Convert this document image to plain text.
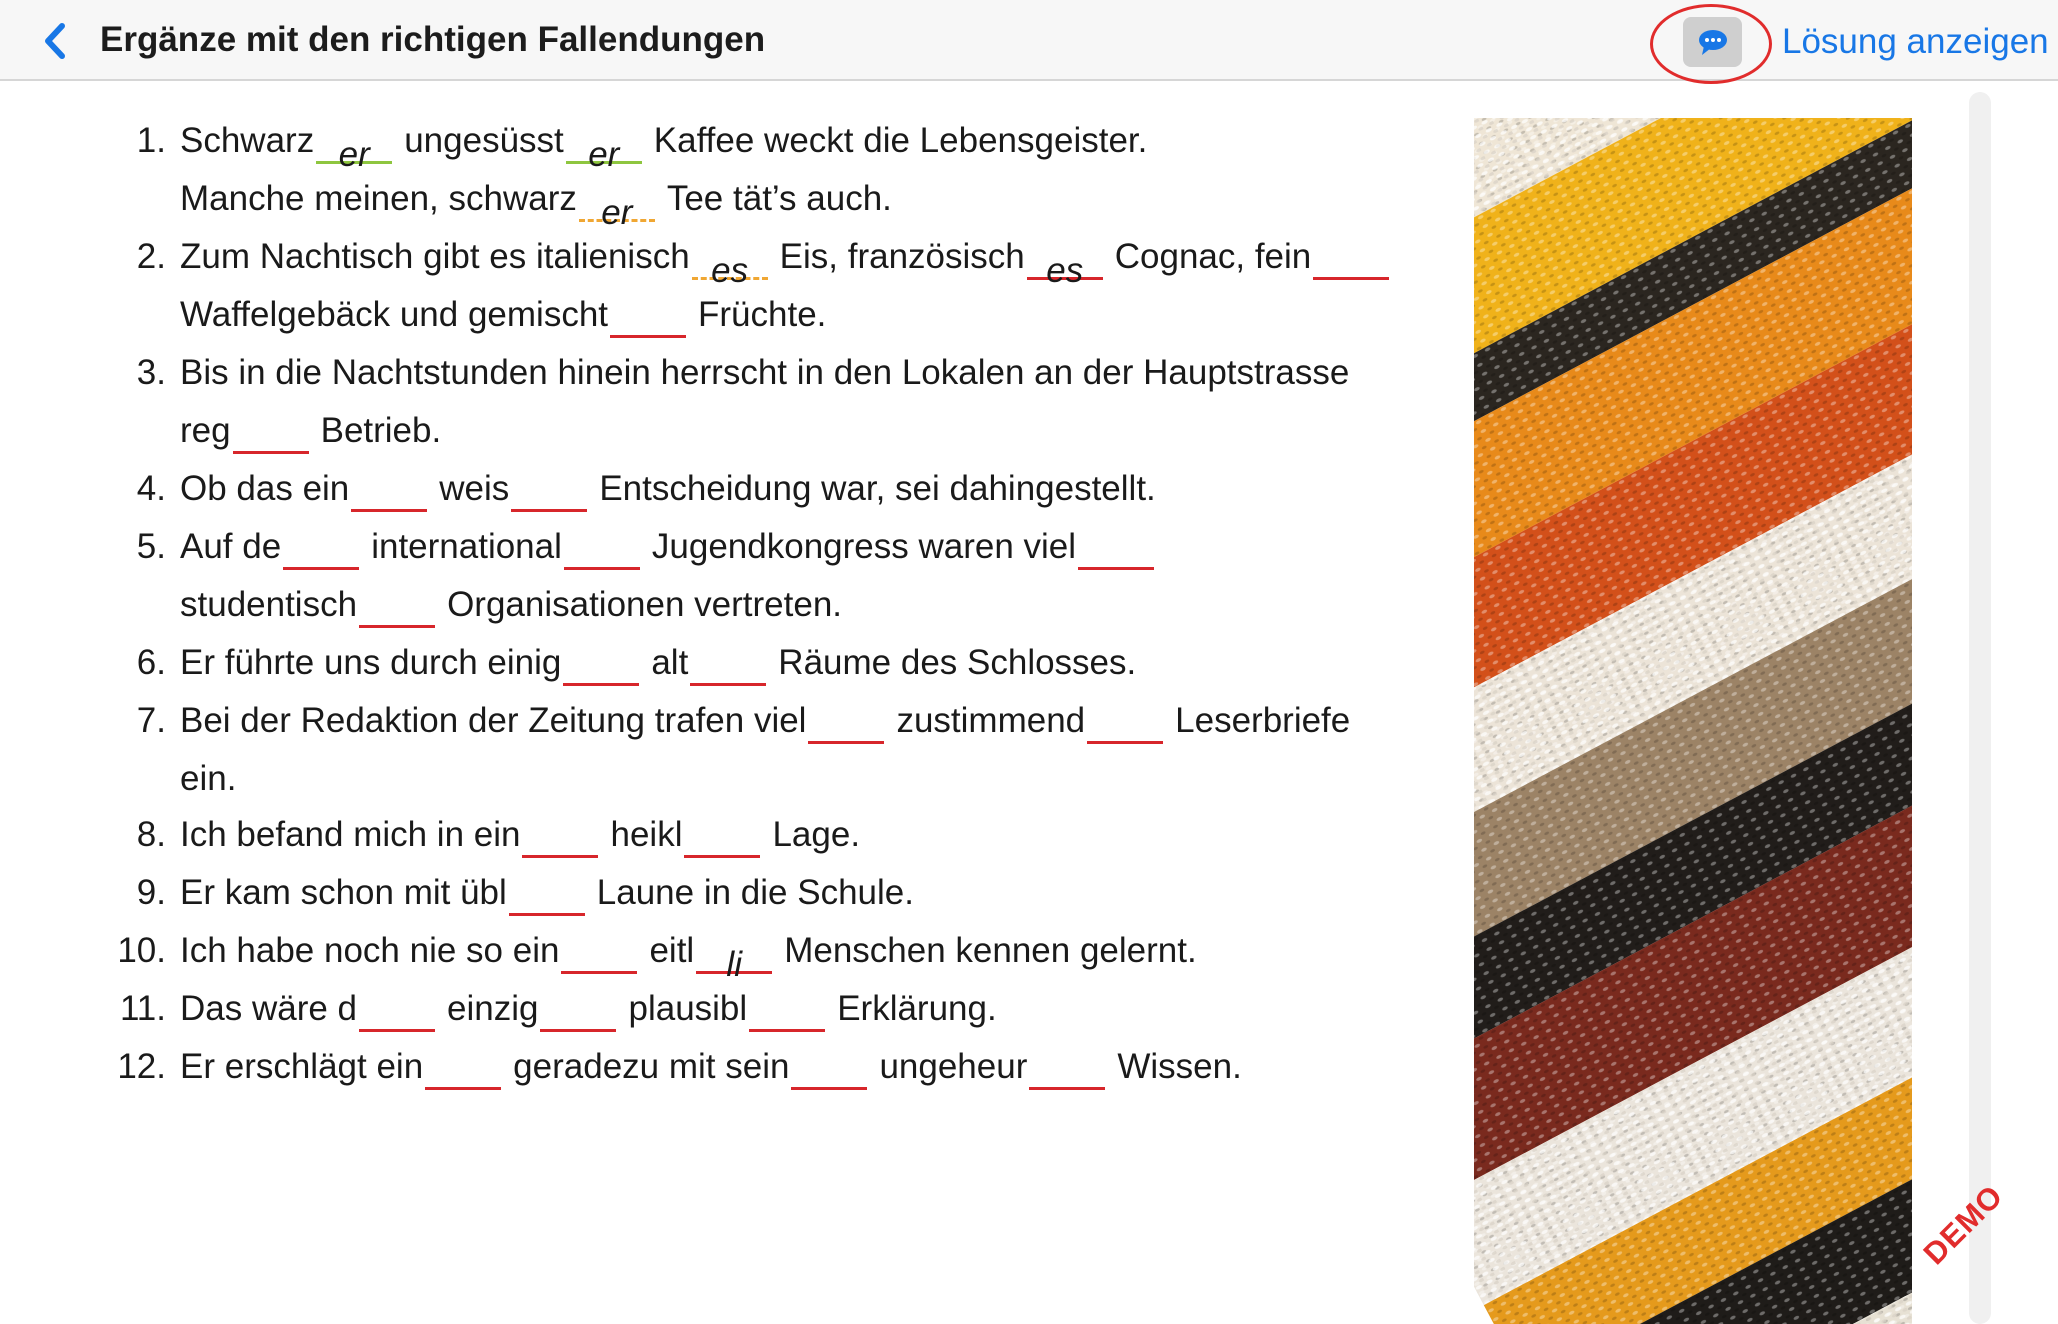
Ergänze mit den richtigen Fallendungen	Lösung anzeigen
1. Schwarz er ungesüsst er Kaffee weckt die Lebensgeister.
Manche meinen, schwarz er Tee tät’s auch.
2. Zum Nachtisch gibt es italienisch es Eis, französisch es Cognac, fein
Waffelgebäck und gemischt	Früchte.
3. Bis in die Nachtstunden hinein herrscht in den Lokalen an der Hauptstrasse
reg	Betrieb.
4. Ob das ein	weis	Entscheidung war, sei dahingestellt.
5. Auf de	international	Jugendkongress waren viel
studentisch	Organisationen vertreten.
6. Er führte uns durch einig	alt	Räume des Schlosses.
7. Bei der Redaktion der Zeitung trafen viel	zustimmend	Leserbriefe
ein.
8. Ich befand mich in ein	heikl	Lage.
9. Er kam schon mit übl	Laune in die Schule.
10. Ich habe noch nie so ein	eitl li Menschen kennen gelernt.
11. Das wäre d	einzig	plausibl	Erklärung.
12. Er erschlägt ein	geradezu mit sein	ungeheur	Wissen.
DEMO
